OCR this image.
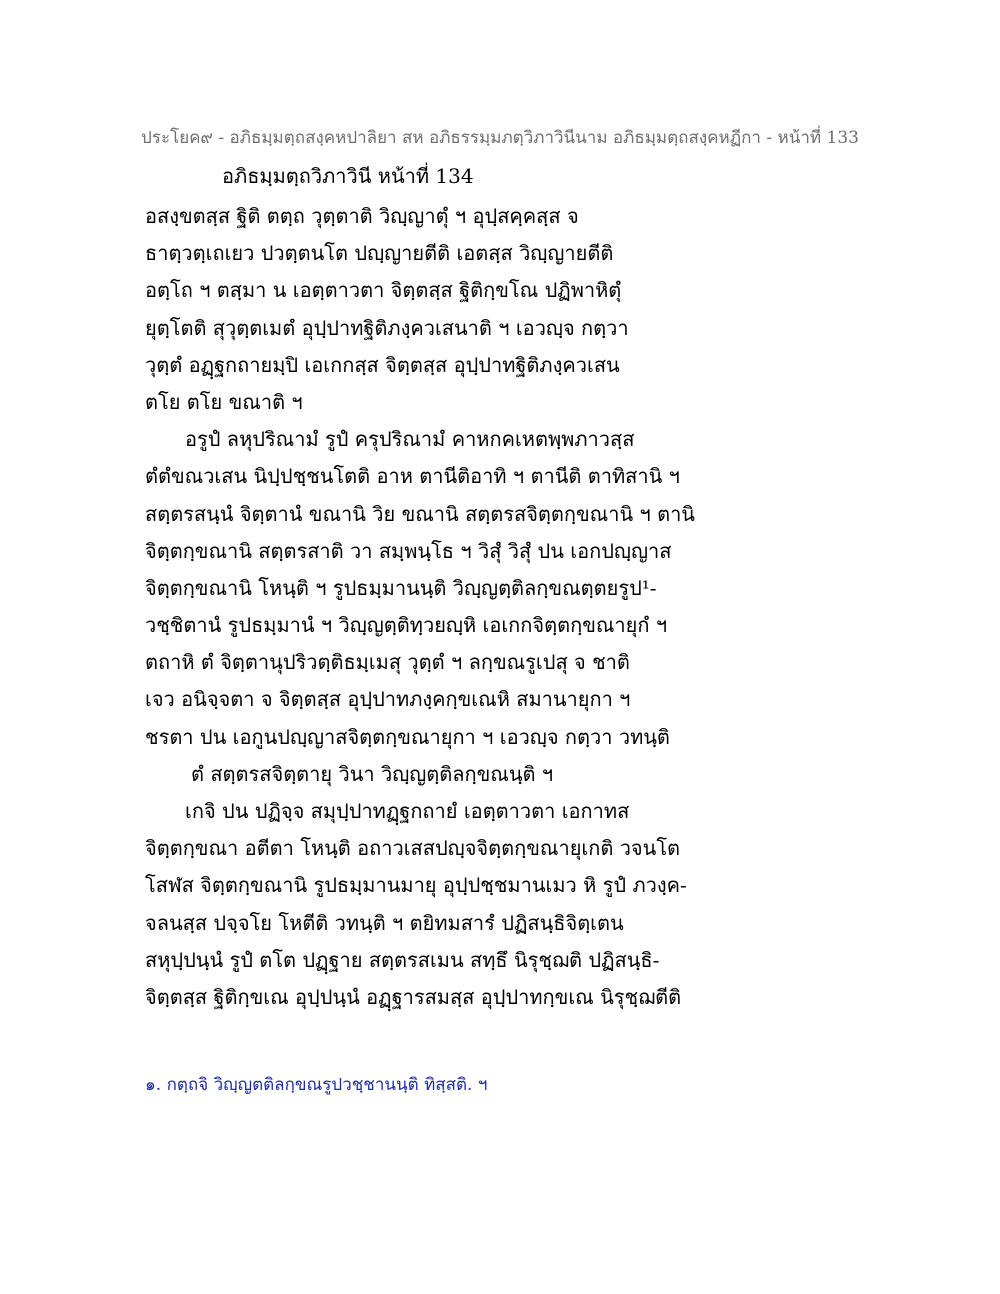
ประโยค๙ - อภิธมฺมตฺถสงฺคหปาลิยา สห อภิธรรมฺมภตฺวิภาวินีนาม อภิธมฺมตฺถสงฺคหฏีกา - หน้าที่ 133
อภิธมฺมตฺถวิภาวินี หน้าที่ 134
อสงฺขตสฺส ฐิติ ตตฺถ วุตฺตาติ วิญฺญาตุํ ฯ อุปฺสคฺคสฺส จ
ธาตฺวตฺเถเยว ปวตฺตนโต ปญฺญายตีติ เอตสฺส วิญฺญายตีติ
อตฺโถ ฯ ตสฺมา น เอตฺตาวตา จิตฺตสฺส ฐิติกฺขโณ ปฏิพาหิตุํ
ยุตฺโตติ สุวุตฺตเมตํ อุปฺปาทฐิติภงฺควเสนาติ ฯ เอวญฺจ กตฺวา
วุตฺตํ อฏฺฐกถายมฺปิ เอเกกสฺส จิตฺตสฺส อุปฺปาทฐิติภงฺควเสน
ตโย ตโย ขณาติ ฯ
อรูปํ ลหุปริณามํ รูปํ ครุปริณามํ คาหกคเหตพฺพภาวสฺส
ตํตํขณวเสน นิปฺปชฺชนโตติ อาห ตานีติอาทิ ฯ ตานีติ ตาทิสานิ ฯ
สตฺตรสนฺนํ จิตฺตานํ ขณานิ วิย ขณานิ สตฺตรสจิตฺตกฺขณานิ ฯ ตานิ
จิตฺตกฺขณานิ สตฺตรสาติ วา สมฺพนฺโธ ฯ วิสุํ วิสุํ ปน เอกปญฺญาส
จิตฺตกฺขณานิ โหนฺติ ฯ รูปธมฺมานนฺติ วิญฺญตฺติลกฺขณตฺตยรูป¹-
วชฺชิตานํ รูปธมฺมานํ ฯ วิญฺญตฺติทฺวยญฺหิ เอเกกจิตฺตกฺขณายุกํ ฯ
ตถาหิ ตํ จิตฺตานุปริวตฺติธมฺเมสุ วุตฺตํ ฯ ลกฺขณรูเปสุ จ ชาติ
เจว อนิจฺจตา จ จิตฺตสฺส อุปฺปาทภงฺคกฺขเณหิ สมานายุกา ฯ
ชรตา ปน เอกูนปญฺญาสจิตฺตกฺขณายุกา ฯ เอวญฺจ กตฺวา วทนฺติ
ตํ สตฺตรสจิตฺตายุ วินา วิญฺญตฺติลกฺขณนฺติ ฯ
เกจิ ปน ปฏิจฺจ สมุปฺปาทฏฺฐกถายํ เอตฺตาวตา เอกาทส
จิตฺตกฺขณา อตีตา โหนฺติ อถาวเสสปญฺจจิตฺตกฺขณายุเกติ วจนโต
โสฬส จิตฺตกฺขณานิ รูปธมฺมานมายุ อุปฺปชฺชมานเมว หิ รูปํ ภวงฺค-
จลนสฺส ปจฺจโย โหตีติ วทนฺติ ฯ ตยิทมสารํ ปฏิสนฺธิจิตฺเตน
สหุปฺปนฺนํ รูปํ ตโต ปฏฺฐาย สตฺตรสเมน สทฺธึ นิรุชฺฌติ ปฏิสนฺธิ-
จิตฺตสฺส ฐิติกฺขเณ อุปฺปนฺนํ อฏฺฐารสมสฺส อุปฺปาทกฺขเณ นิรุชฺฌตีติ
๑. กตฺถจิ วิญฺญตติลกฺขณรูปวชฺชานนฺติ ทิสฺสติ. ฯ
